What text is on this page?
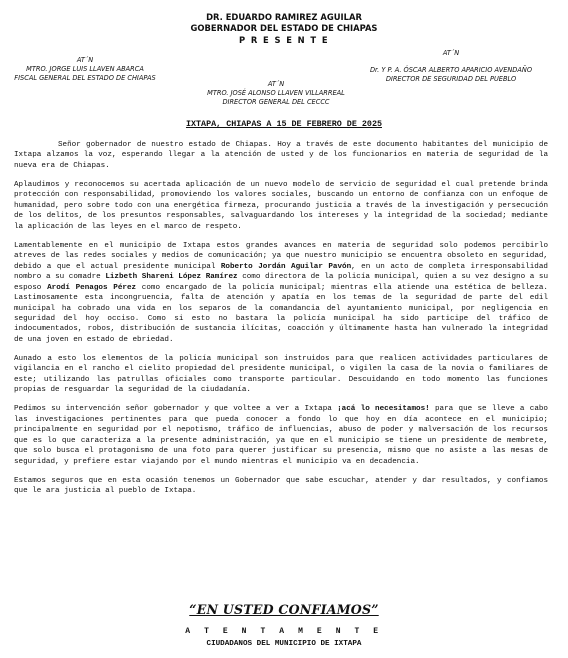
DR. EDUARDO RAMIREZ AGUILAR
GOBERNADOR DEL ESTADO DE CHIAPAS
P R E S E N T E
AT´N
MTRO. JORGE LUIS LLAVEN ABARCA
FISCAL GENERAL DEL ESTADO DE CHIAPAS
AT´N
MTRO. JOSÉ ALONSO LLAVEN VILLARREAL
DIRECTOR GENERAL DEL CECCC
AT´N
Dr. Y P. A. ÓSCAR ALBERTO APARICIO AVENDAÑO
DIRECTOR DE SEGURIDAD DEL PUEBLO
IXTAPA, CHIAPAS A 15 DE FEBRERO DE 2025

Señor gobernador de nuestro estado de Chiapas. Hoy a través de este documento habitantes del municipio de Ixtapa alzamos la voz, esperando llegar a la atención de usted y de los funcionarios en materia de seguridad de la nueva era de Chiapas.

Aplaudimos y reconocemos su acertada aplicación de un nuevo modelo de servicio de seguridad el cual pretende brinda protección con responsabilidad, promoviendo los valores sociales, buscando un entorno de confianza con un enfoque de humanidad, pero sobre todo con una energética firmeza, procurando justicia a través de la investigación y persecución de los delitos, de los presuntos responsables, salvaguardando los intereses y la integridad de la sociedad; mediante la aplicación de las leyes en el marco de respeto.

Lamentablemente en el municipio de Ixtapa estos grandes avances en materia de seguridad solo podemos percibirlo atreves de las redes sociales y medios de comunicación; ya que nuestro municipio se encuentra obsoleto en seguridad, debido a que el actual presidente municipal Roberto Jordán Aguilar Pavón, en un acto de completa irresponsabilidad nombro a su comadre Lizbeth Shareni López Ramírez como directora de la policía municipal, quien a su vez designo a su esposo Arodí Penagos Pérez como encargado de la policía municipal; mientras ella atiende una estética de belleza. Lastimosamente esta incongruencia, falta de atención y apatía en los temas de la seguridad de parte del edil municipal ha cobrado una vida en los separos de la comandancia del ayuntamiento municipal, por negligencia en seguridad del hoy occiso. Como si esto no bastara la policía municipal ha sido participe del tráfico de indocumentados, robos, distribución de sustancia ilícitas, coacción y últimamente hasta han vulnerado la integridad de una joven en estado de ebriedad.

Aunado a esto los elementos de la policía municipal son instruidos para que realicen actividades particulares de vigilancia en el rancho el cielito propiedad del presidente municipal, o vigilen la casa de la novia o familiares de este; utilizando las patrullas oficiales como transporte particular. Descuidando en todo momento las funciones propias de resguardar la seguridad de la ciudadanía.

Pedimos su intervención señor gobernador y que voltee a ver a Ixtapa ¡acá lo necesitamos! para que se lleve a cabo las investigaciones pertinentes para que pueda conocer a fondo lo que hoy en día acontece en el municipio; principalmente en seguridad por el nepotismo, tráfico de influencias, abuso de poder y malversación de los recursos que es lo que caracteriza a la presente administración, ya que en el municipio se tiene un presidente de membrete, que solo busca el protagonismo de una foto para querer justificar su presencia, mismo que no asiste a las mesas de seguridad, y prefiere estar viajando por el mundo mientras el municipio va en decadencia.

Estamos seguros que en esta ocasión tenemos un Gobernador que sabe escuchar, atender y dar resultados, y confiamos que le ara justicia al pueblo de Ixtapa.

“EN USTED CONFIAMOS”
A T E N T A M E N T E
CIUDADANOS DEL MUNICIPIO DE IXTAPA
